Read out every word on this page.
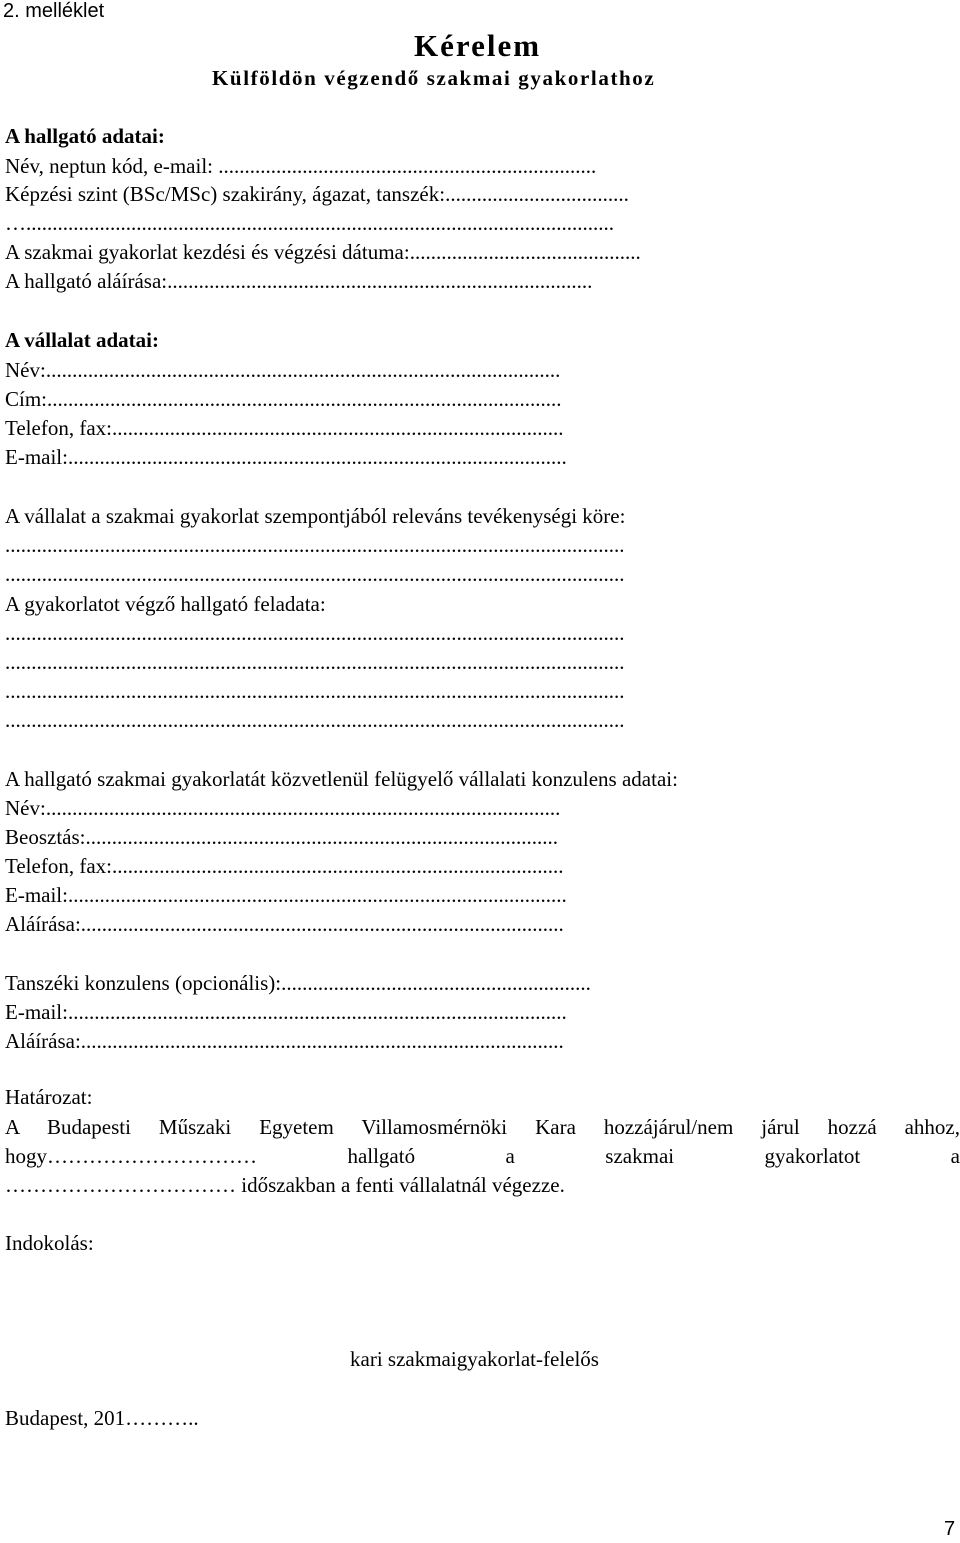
2. melléklet
Kérelem
Külföldön végzendő szakmai gyakorlathoz
A hallgató adatai:
Név, neptun kód, e-mail: ........................................................................
Képzési szint (BSc/MSc) szakirány, ágazat, tanszék:...................................
…................................................................................................................
A szakmai gyakorlat kezdési és végzési dátuma:............................................
A hallgató aláírása:.................................................................................
A vállalat adatai:
Név:..................................................................................................
Cím:..................................................................................................
Telefon, fax:......................................................................................
E-mail:...............................................................................................
A vállalat a szakmai gyakorlat szempontjából releváns tevékenységi köre:
......................................................................................................................
......................................................................................................................
A gyakorlatot végző hallgató feladata:
......................................................................................................................
......................................................................................................................
......................................................................................................................
......................................................................................................................
A hallgató szakmai gyakorlatát közvetlenül felügyelő vállalati konzulens adatai:
Név:..................................................................................................
Beosztás:..........................................................................................
Telefon, fax:......................................................................................
E-mail:...............................................................................................
Aláírása:............................................................................................
Tanszéki konzulens (opcionális):...........................................................
E-mail:...............................................................................................
Aláírása:............................................................................................
Határozat:
A Budapesti Műszaki Egyetem Villamosmérnöki Kara hozzájárul/nem járul hozzá ahhoz,
hogy…………………………	hallgató	a	szakmai	gyakorlatot	a
…………………………… időszakban a fenti vállalatnál végezze.
Indokolás:
kari szakmaigyakorlat-felelős
Budapest, 201………..
7
